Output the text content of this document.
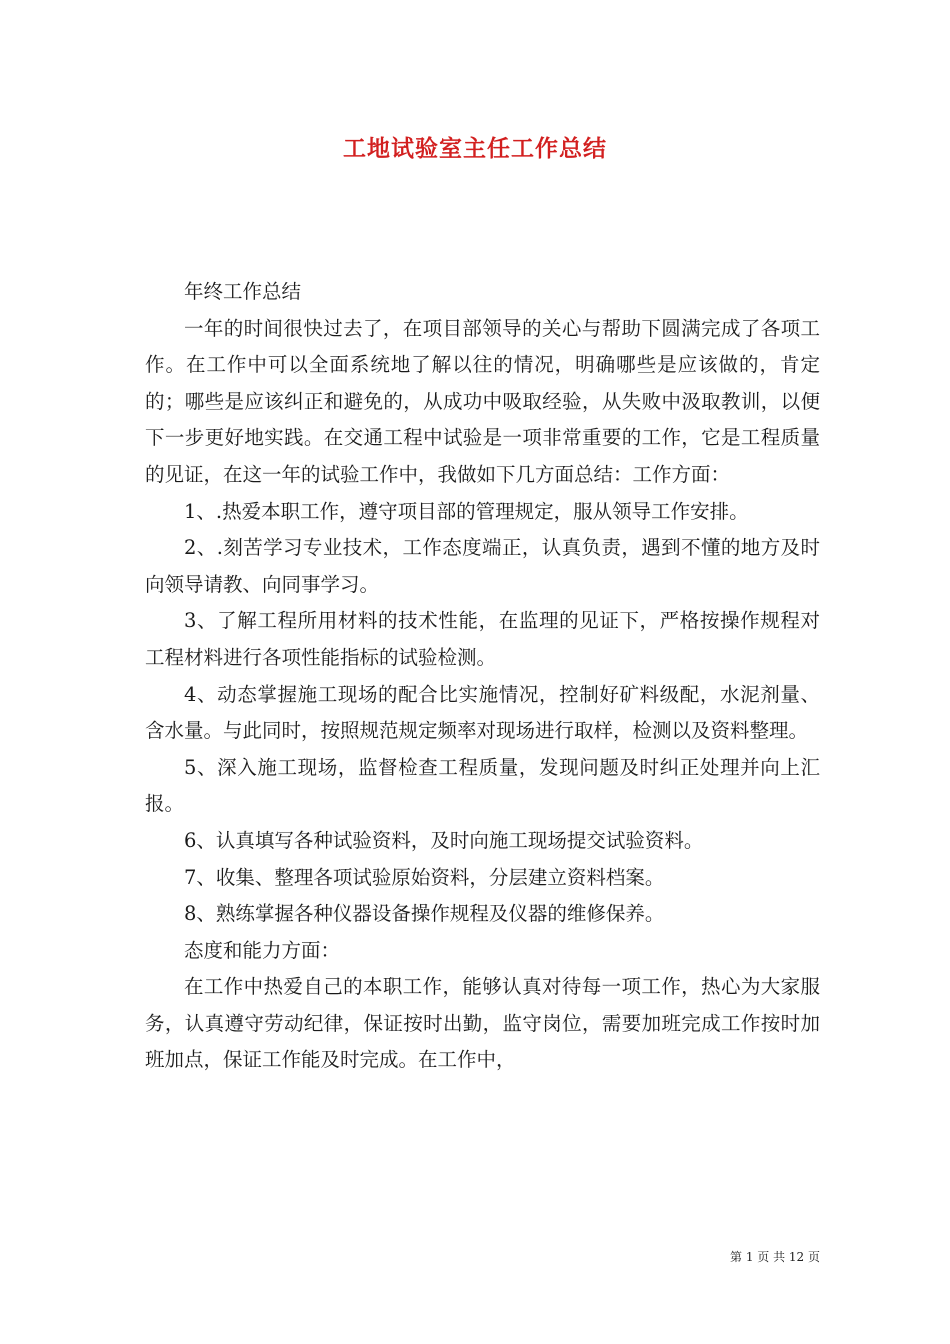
工地试验室主任工作总结

年终工作总结

一年的时间很快过去了，在项目部领导的关心与帮助下圆满完成了各项工作。在工作中可以全面系统地了解以往的情况，明确哪些是应该做的，肯定的；哪些是应该纠正和避免的，从成功中吸取经验，从失败中汲取教训，以便下一步更好地实践。在交通工程中试验是一项非常重要的工作，它是工程质量的见证，在这一年的试验工作中，我做如下几方面总结：工作方面：

1、.热爱本职工作，遵守项目部的管理规定，服从领导工作安排。

2、.刻苦学习专业技术，工作态度端正，认真负责，遇到不懂的地方及时向领导请教、向同事学习。

3、了解工程所用材料的技术性能，在监理的见证下，严格按操作规程对工程材料进行各项性能指标的试验检测。

4、动态掌握施工现场的配合比实施情况，控制好矿料级配，水泥剂量、含水量。与此同时，按照规范规定频率对现场进行取样，检测以及资料整理。

5、深入施工现场，监督检查工程质量，发现问题及时纠正处理并向上汇报。

6、认真填写各种试验资料，及时向施工现场提交试验资料。

7、收集、整理各项试验原始资料，分层建立资料档案。

8、熟练掌握各种仪器设备操作规程及仪器的维修保养。

态度和能力方面：

在工作中热爱自己的本职工作，能够认真对待每一项工作，热心为大家服务，认真遵守劳动纪律，保证按时出勤，监守岗位，需要加班完成工作按时加班加点，保证工作能及时完成。在工作中，

第 1 页 共 12 页
